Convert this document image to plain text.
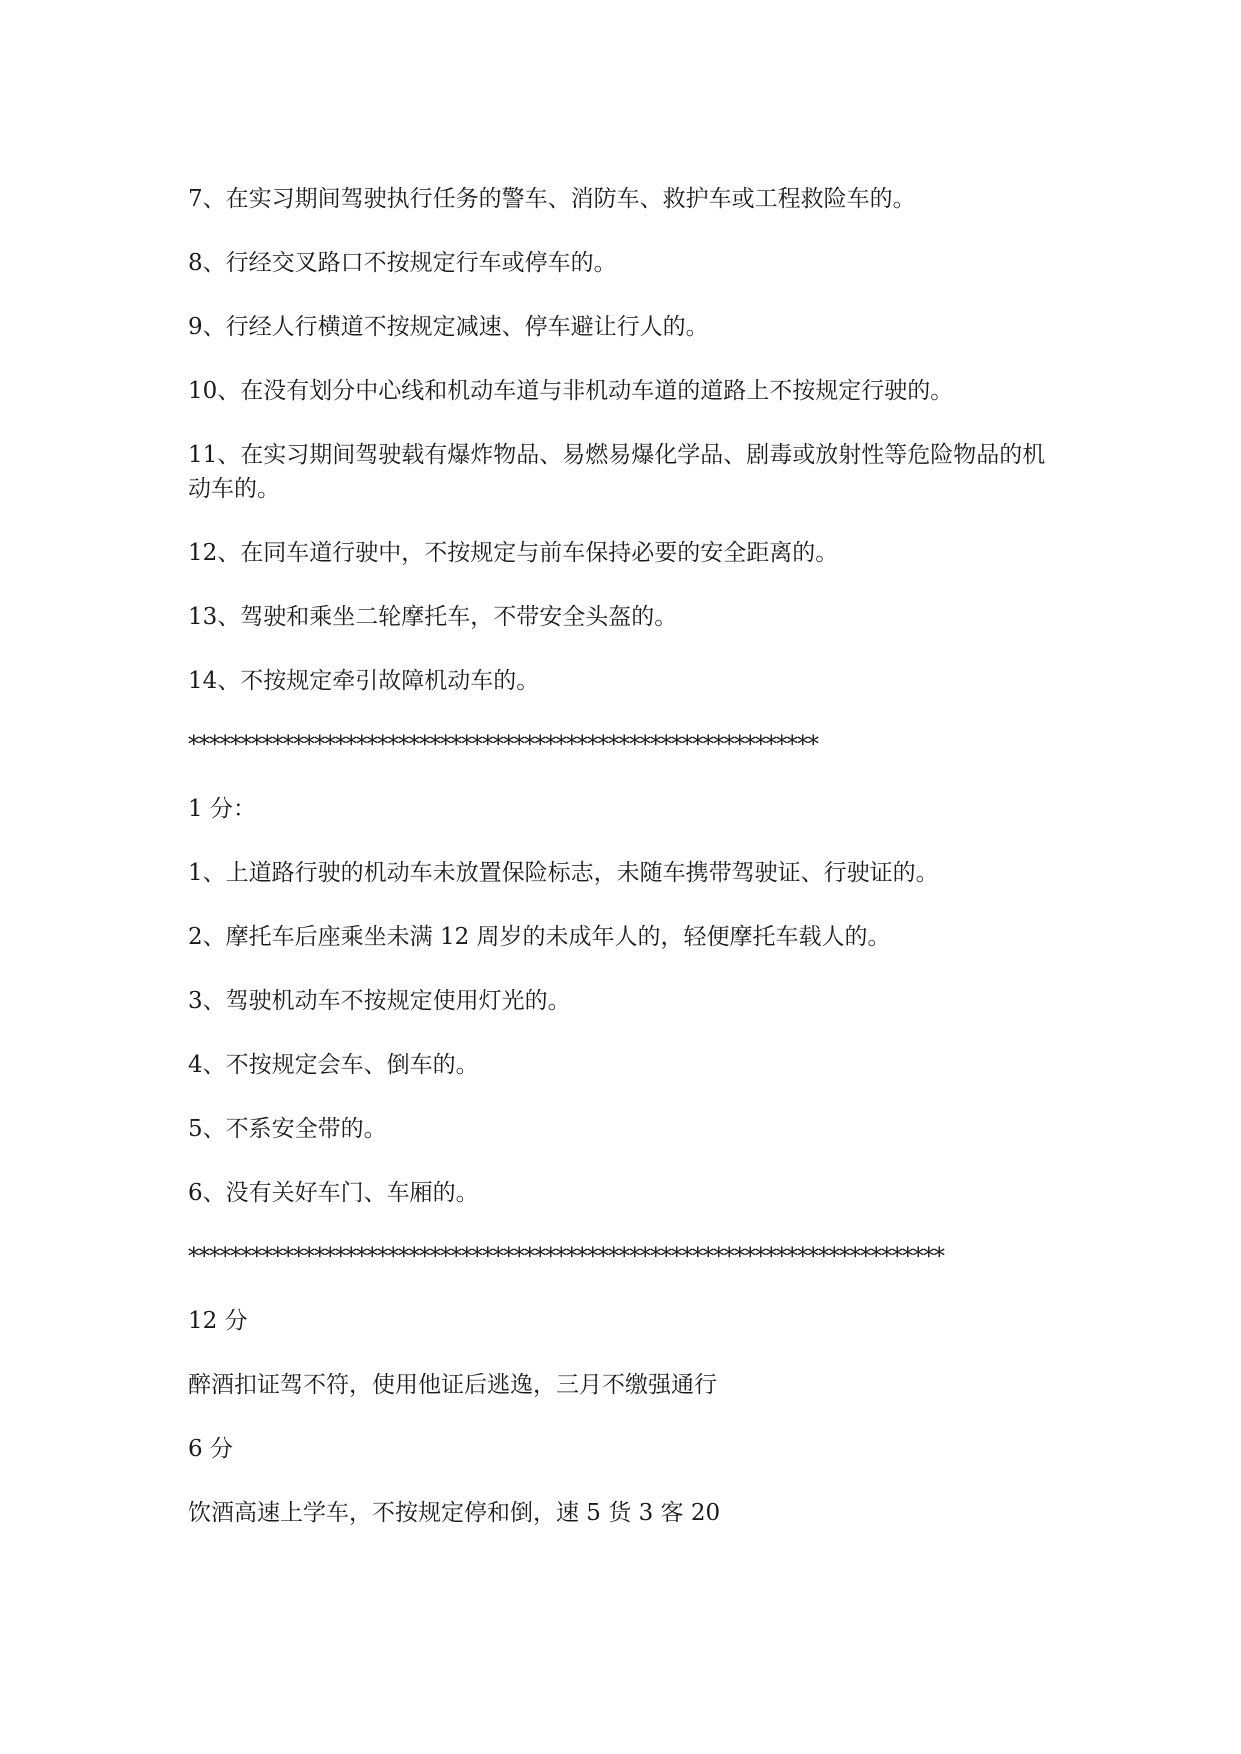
7、在实习期间驾驶执行任务的警车、消防车、救护车或工程救险车的。

8、行经交叉路口不按规定行车或停车的。

9、行经人行横道不按规定减速、停车避让行人的。

10、在没有划分中心线和机动车道与非机动车道的道路上不按规定行驶的。

11、在实习期间驾驶载有爆炸物品、易燃易爆化学品、剧毒或放射性等危险物品的机动车的。

12、在同车道行驶中，不按规定与前车保持必要的安全距离的。

13、驾驶和乘坐二轮摩托车，不带安全头盔的。

14、不按规定牵引故障机动车的。

************************************************************

1 分：

1、上道路行驶的机动车未放置保险标志，未随车携带驾驶证、行驶证的。

2、摩托车后座乘坐未满 12 周岁的未成年人的，轻便摩托车载人的。

3、驾驶机动车不按规定使用灯光的。

4、不按规定会车、倒车的。

5、不系安全带的。

6、没有关好车门、车厢的。

************************************************************************

12 分

醉酒扣证驾不符，使用他证后逃逸，三月不缴强通行

6 分

饮酒高速上学车，不按规定停和倒，速 5 货 3 客 20
